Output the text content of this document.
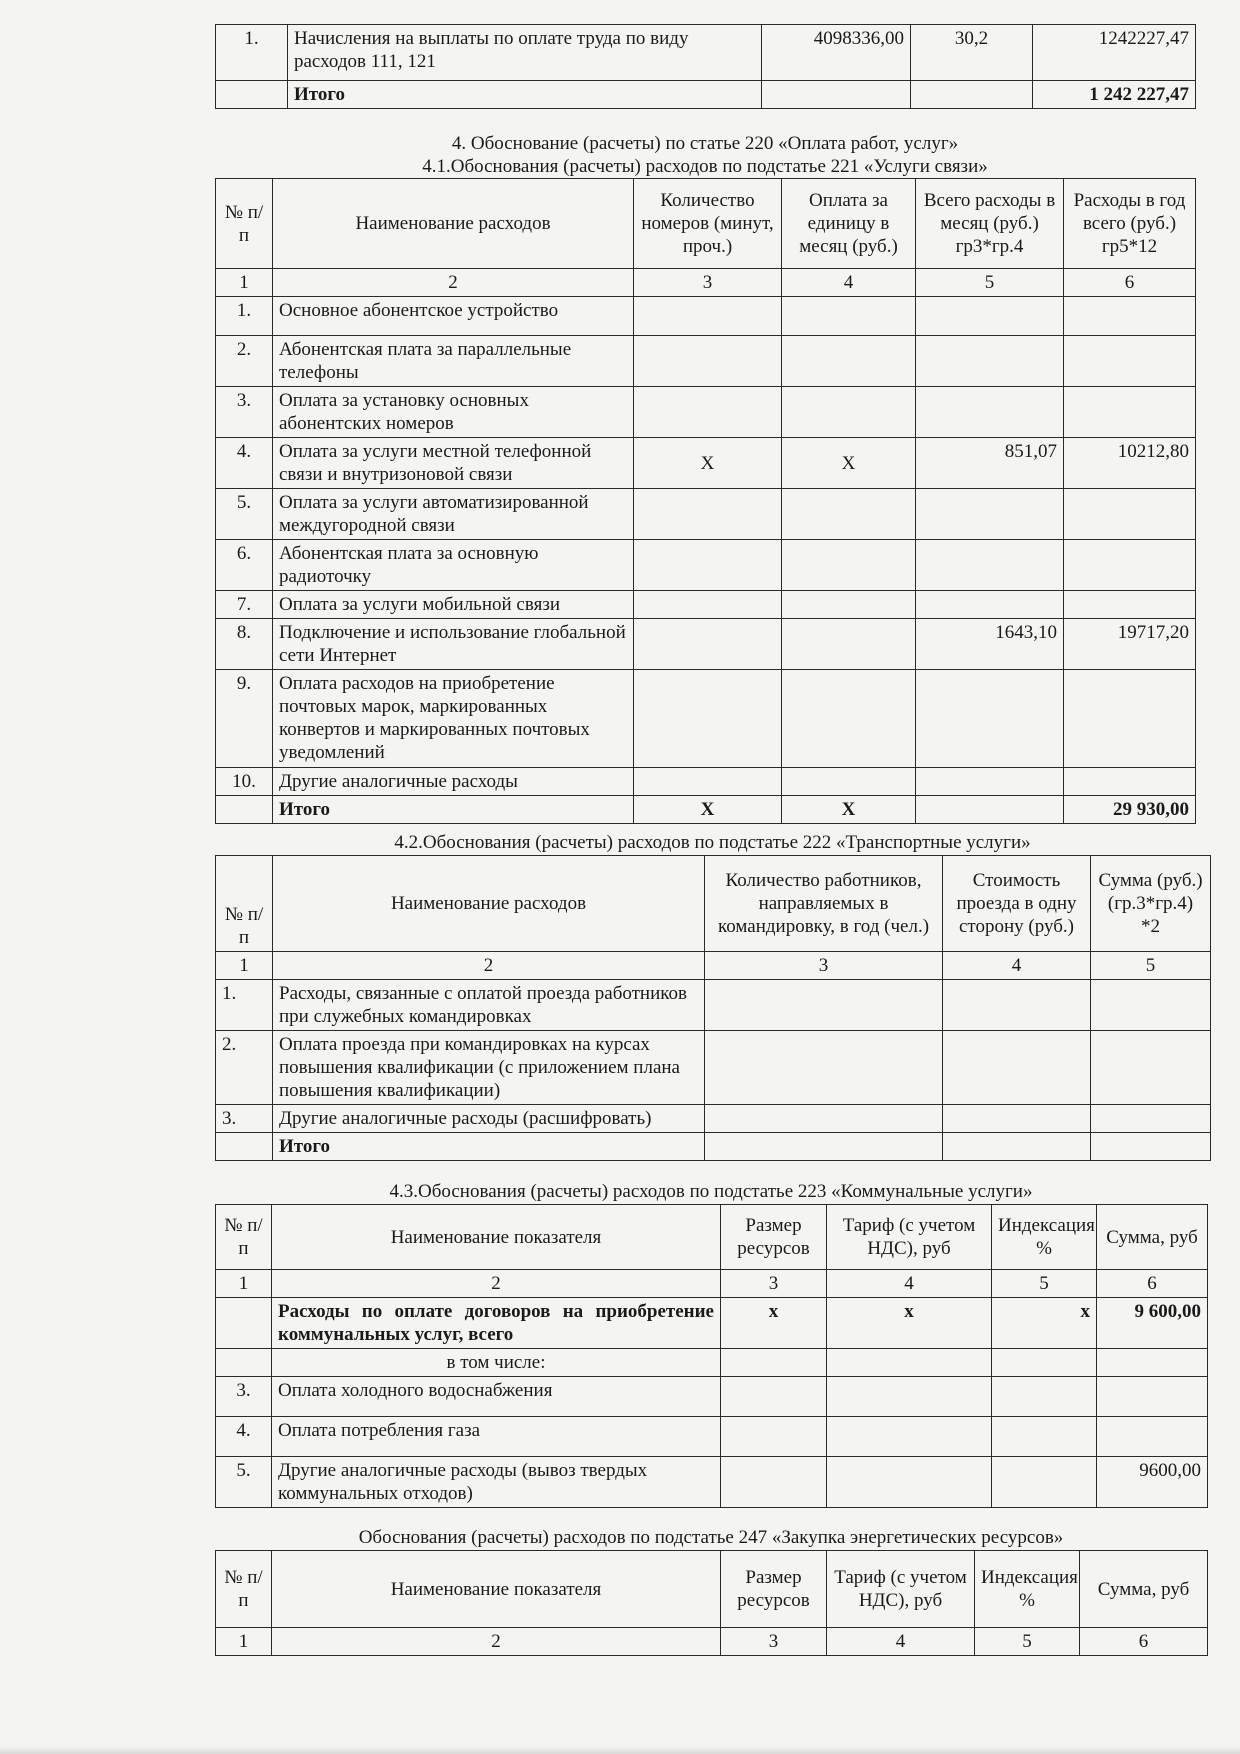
1.	Начисления на выплаты по оплате труда по виду расходов 111, 121	4098336,00	30,2	1242227,47
	Итого			1 242 227,47
4. Обоснование (расчеты) по статье 220 «Оплата работ, услуг»
4.1.Обоснования (расчеты) расходов по подстатье 221 «Услуги связи»
№ п/п	Наименование расходов	Количество номеров (минут, проч.)	Оплата за единицу в месяц (руб.)	Всего расходы в месяц (руб.) гр3*гр.4	Расходы в год всего (руб.) гр5*12
1	2	3	4	5	6
1.	Основное абонентское устройство				
2.	Абонентская плата за параллельные телефоны				
3.	Оплата за установку основных абонентских номеров				
4.	Оплата за услуги местной телефонной связи и внутризоновой связи	Х	Х	851,07	10212,80
5.	Оплата за услуги автоматизированной междугородной связи				
6.	Абонентская плата за основную радиоточку				
7.	Оплата за услуги мобильной связи				
8.	Подключение и использование глобальной сети Интернет			1643,10	19717,20
9.	Оплата расходов на приобретение почтовых марок, маркированных конвертов и маркированных почтовых уведомлений				
10.	Другие аналогичные расходы				
	Итого	Х	Х		29 930,00
4.2.Обоснования (расчеты) расходов по подстатье 222 «Транспортные услуги»
№ п/п	Наименование расходов	Количество работников, направляемых в командировку, в год (чел.)	Стоимость проезда в одну сторону (руб.)	Сумма (руб.) (гр.3*гр.4) *2
1	2	3	4	5
1.	Расходы, связанные с оплатой проезда работников при служебных командировках			
2.	Оплата проезда при командировках на курсах повышения квалификации (с приложением плана повышения квалификации)			
3.	Другие аналогичные расходы (расшифровать)			
	Итого			
4.3.Обоснования (расчеты) расходов по подстатье 223 «Коммунальные услуги»
№ п/п	Наименование показателя	Размер ресурсов	Тариф (с учетом НДС), руб	Индексация %	Сумма, руб
1	2	3	4	5	6
	Расходы по оплате договоров на приобретение коммунальных услуг, всего	х	х	х	9 600,00
	в том числе:				
3.	Оплата холодного водоснабжения				
4.	Оплата потребления газа				
5.	Другие аналогичные расходы (вывоз твердых коммунальных отходов)				9600,00
Обоснования (расчеты) расходов по подстатье 247 «Закупка энергетических ресурсов»
№ п/п	Наименование показателя	Размер ресурсов	Тариф (с учетом НДС), руб	Индексация %	Сумма, руб
1	2	3	4	5	6
